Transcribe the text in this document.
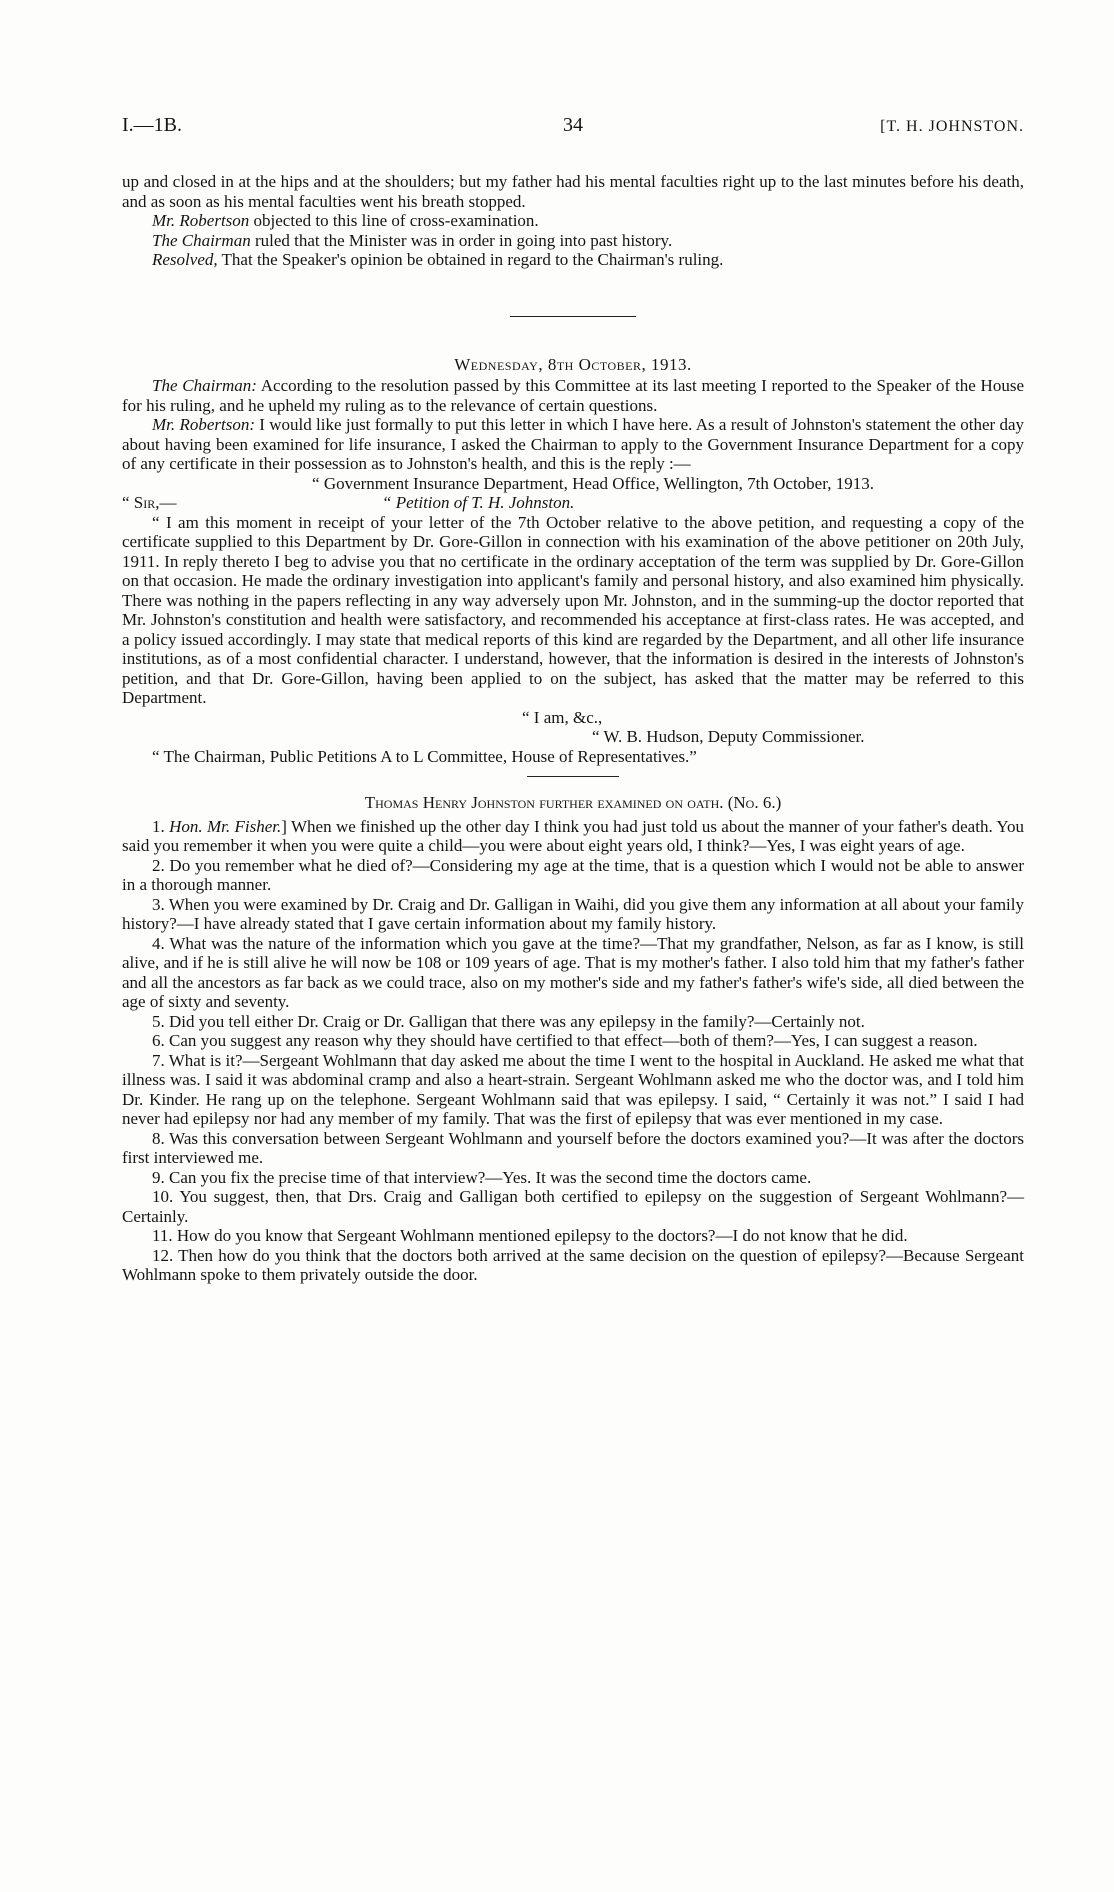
I.—1B.	34	[T. H. JOHNSTON.

up and closed in at the hips and at the shoulders; but my father had his mental faculties right up to the last minutes before his death, and as soon as his mental faculties went his breath stopped.

Mr. Robertson objected to this line of cross-examination.

The Chairman ruled that the Minister was in order in going into past history.

Resolved, That the Speaker's opinion be obtained in regard to the Chairman's ruling.

Wednesday, 8th October, 1913.

The Chairman: According to the resolution passed by this Committee at its last meeting I reported to the Speaker of the House for his ruling, and he upheld my ruling as to the relevance of certain questions.

Mr. Robertson: I would like just formally to put this letter in which I have here. As a result of Johnston's statement the other day about having been examined for life insurance, I asked the Chairman to apply to the Government Insurance Department for a copy of any certificate in their possession as to Johnston's health, and this is the reply :—

“ Government Insurance Department, Head Office, Wellington, 7th October, 1913.

“ Sir,—	“ Petition of T. H. Johnston.

“ I am this moment in receipt of your letter of the 7th October relative to the above petition, and requesting a copy of the certificate supplied to this Department by Dr. Gore-Gillon in connection with his examination of the above petitioner on 20th July, 1911. In reply thereto I beg to advise you that no certificate in the ordinary acceptation of the term was supplied by Dr. Gore-Gillon on that occasion. He made the ordinary investigation into applicant's family and personal history, and also examined him physically. There was nothing in the papers reflecting in any way adversely upon Mr. Johnston, and in the summing-up the doctor reported that Mr. Johnston's constitution and health were satisfactory, and recommended his acceptance at first-class rates. He was accepted, and a policy issued accordingly. I may state that medical reports of this kind are regarded by the Department, and all other life insurance institutions, as of a most confidential character. I understand, however, that the information is desired in the interests of Johnston's petition, and that Dr. Gore-Gillon, having been applied to on the subject, has asked that the matter may be referred to this Department.

“ I am, &c.,

“ W. B. Hudson, Deputy Commissioner.

“ The Chairman, Public Petitions A to L Committee, House of Representatives.”

Thomas Henry Johnston further examined on oath. (No. 6.)

1. Hon. Mr. Fisher.] When we finished up the other day I think you had just told us about the manner of your father's death. You said you remember it when you were quite a child—you were about eight years old, I think?—Yes, I was eight years of age.

2. Do you remember what he died of?—Considering my age at the time, that is a question which I would not be able to answer in a thorough manner.

3. When you were examined by Dr. Craig and Dr. Galligan in Waihi, did you give them any information at all about your family history?—I have already stated that I gave certain information about my family history.

4. What was the nature of the information which you gave at the time?—That my grandfather, Nelson, as far as I know, is still alive, and if he is still alive he will now be 108 or 109 years of age. That is my mother's father. I also told him that my father's father and all the ancestors as far back as we could trace, also on my mother's side and my father's father's wife's side, all died between the age of sixty and seventy.

5. Did you tell either Dr. Craig or Dr. Galligan that there was any epilepsy in the family?—Certainly not.

6. Can you suggest any reason why they should have certified to that effect—both of them?—Yes, I can suggest a reason.

7. What is it?—Sergeant Wohlmann that day asked me about the time I went to the hospital in Auckland. He asked me what that illness was. I said it was abdominal cramp and also a heart-strain. Sergeant Wohlmann asked me who the doctor was, and I told him Dr. Kinder. He rang up on the telephone. Sergeant Wohlmann said that was epilepsy. I said, “ Certainly it was not.” I said I had never had epilepsy nor had any member of my family. That was the first of epilepsy that was ever mentioned in my case.

8. Was this conversation between Sergeant Wohlmann and yourself before the doctors examined you?—It was after the doctors first interviewed me.

9. Can you fix the precise time of that interview?—Yes. It was the second time the doctors came.

10. You suggest, then, that Drs. Craig and Galligan both certified to epilepsy on the suggestion of Sergeant Wohlmann?—Certainly.

11. How do you know that Sergeant Wohlmann mentioned epilepsy to the doctors?—I do not know that he did.

12. Then how do you think that the doctors both arrived at the same decision on the question of epilepsy?—Because Sergeant Wohlmann spoke to them privately outside the door.
